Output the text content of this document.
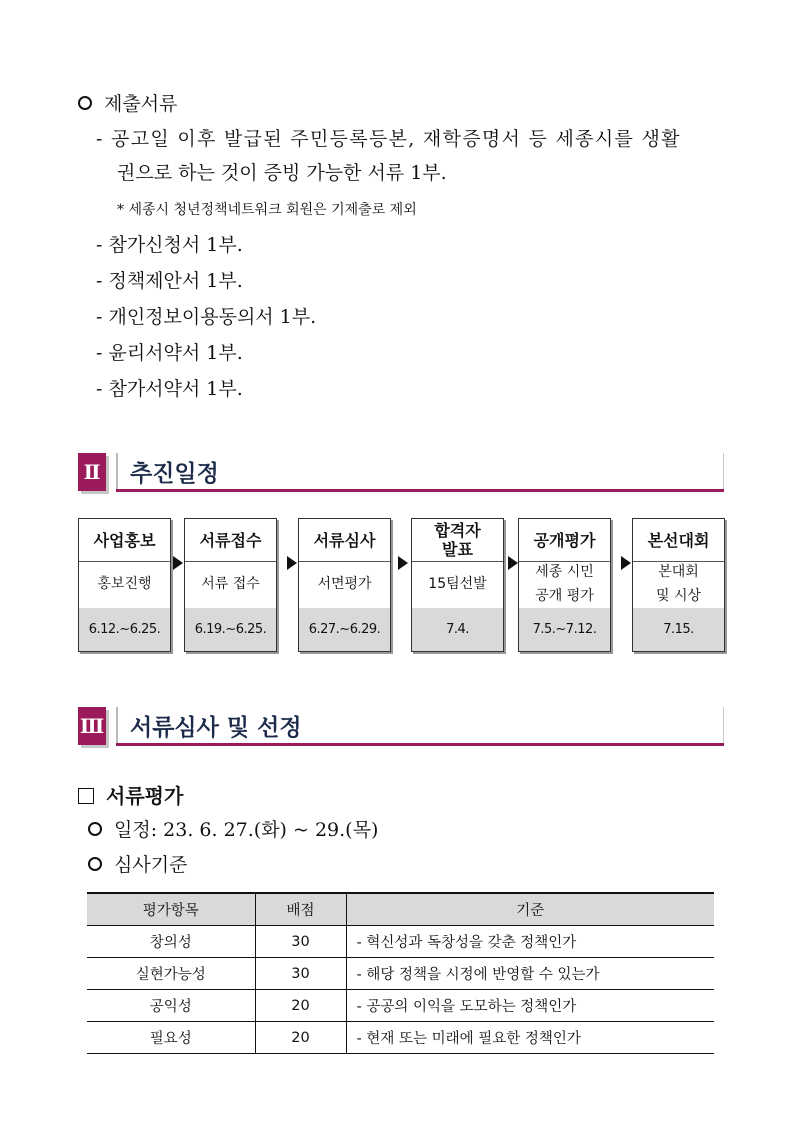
제출서류
- 공고일 이후 발급된 주민등록등본, 재학증명서 등 세종시를 생활
권으로 하는 것이 증빙 가능한 서류 1부.
* 세종시 청년정책네트워크 회원은 기제출로 제외
- 참가신청서 1부.
- 정책제안서 1부.
- 개인정보이용동의서 1부.
- 윤리서약서 1부.
- 참가서약서 1부.
Ⅱ 추진일정
사업홍보
홍보진행
6.12.~6.25.
서류접수
서류 접수
6.19.~6.25.
서류심사
서면평가
6.27.~6.29.
합격자
발표
15팀선발
7.4.
공개평가
세종 시민
공개 평가
7.5.~7.12.
본선대회
본대회
및 시상
7.15.
Ⅲ 서류심사 및 선정
서류평가
일정: 23. 6. 27.(화) ~ 29.(목)
심사기준
평가항목	배점	기준
창의성	30	- 혁신성과 독창성을 갖춘 정책인가
실현가능성	30	- 해당 정책을 시정에 반영할 수 있는가
공익성	20	- 공공의 이익을 도모하는 정책인가
필요성	20	- 현재 또는 미래에 필요한 정책인가
